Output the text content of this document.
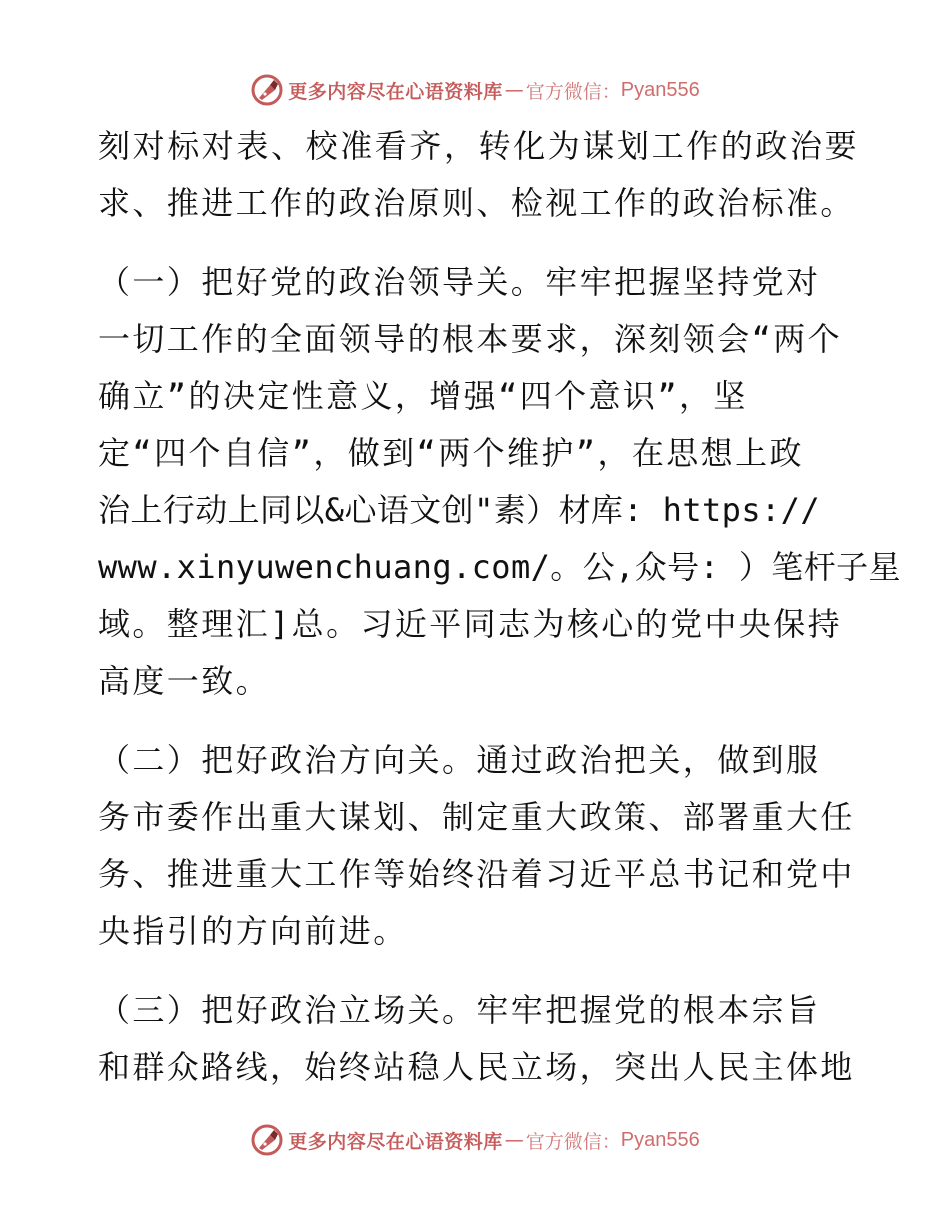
更多内容尽在心语资料库 — 官方微信： Pyan556
刻对标对表、校准看齐，转化为谋划工作的政治要
求、推进工作的政治原则、检视工作的政治标准。
（一）把好党的政治领导关。牢牢把握坚持党对
一切工作的全面领导的根本要求，深刻领会“两个
确立”的决定性意义，增强“四个意识”，坚
定“四个自信”，做到“两个维护”，在思想上政
治上行动上同以&心语文创"素）材库: https://
www.xinyuwenchuang.com/。公,众号: ）笔杆子星
域。整理汇]总。习近平同志为核心的党中央保持
高度一致。
（二）把好政治方向关。通过政治把关，做到服
务市委作出重大谋划、制定重大政策、部署重大任
务、推进重大工作等始终沿着习近平总书记和党中
央指引的方向前进。
（三）把好政治立场关。牢牢把握党的根本宗旨
和群众路线，始终站稳人民立场，突出人民主体地
更多内容尽在心语资料库 — 官方微信： Pyan556
